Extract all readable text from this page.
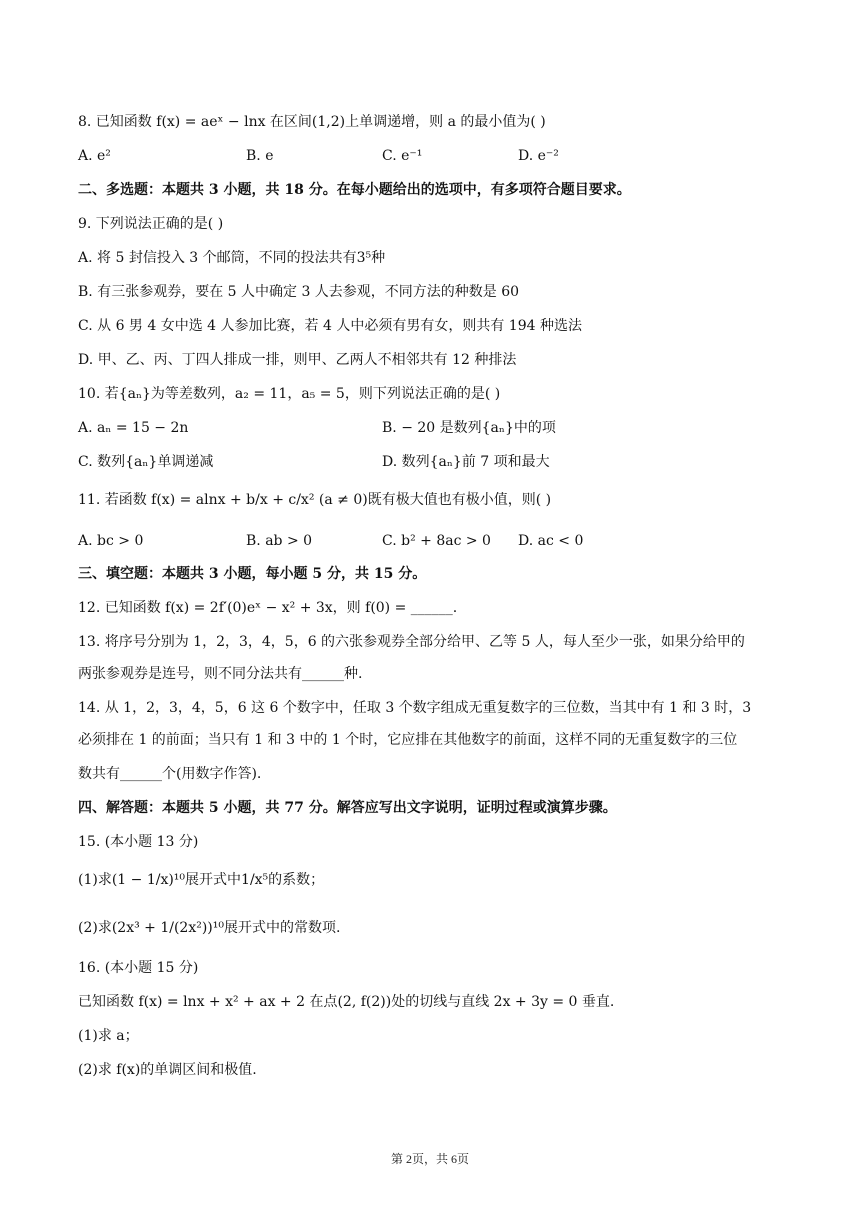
8. 已知函数 f(x) = aeˣ − lnx 在区间(1,2)上单调递增，则 a 的最小值为( )
A. e²	B. e	C. e⁻¹	D. e⁻²
二、多选题：本题共 3 小题，共 18 分。在每小题给出的选项中，有多项符合题目要求。
9. 下列说法正确的是( )
A. 将 5 封信投入 3 个邮筒，不同的投法共有3⁵种
B. 有三张参观券，要在 5 人中确定 3 人去参观，不同方法的种数是 60
C. 从 6 男 4 女中选 4 人参加比赛，若 4 人中必须有男有女，则共有 194 种选法
D. 甲、乙、丙、丁四人排成一排，则甲、乙两人不相邻共有 12 种排法
10. 若{aₙ}为等差数列，a₂ = 11，a₅ = 5，则下列说法正确的是( )
A. aₙ = 15 − 2n	B. − 20 是数列{aₙ}中的项
C. 数列{aₙ}单调递减	D. 数列{aₙ}前 7 项和最大
11. 若函数 f(x) = alnx + b/x + c/x² (a ≠ 0)既有极大值也有极小值，则( )
A. bc > 0	B. ab > 0	C. b² + 8ac > 0 D. ac < 0
三、填空题：本题共 3 小题，每小题 5 分，共 15 分。
12. 已知函数 f(x) = 2f′(0)eˣ − x² + 3x，则 f(0) = ______.
13. 将序号分别为 1，2，3，4，5，6 的六张参观券全部分给甲、乙等 5 人，每人至少一张，如果分给甲的
两张参观券是连号，则不同分法共有______种.
14. 从 1，2，3，4，5，6 这 6 个数字中，任取 3 个数字组成无重复数字的三位数，当其中有 1 和 3 时，3
必须排在 1 的前面；当只有 1 和 3 中的 1 个时，它应排在其他数字的前面，这样不同的无重复数字的三位
数共有______个(用数字作答).
四、解答题：本题共 5 小题，共 77 分。解答应写出文字说明，证明过程或演算步骤。
15. (本小题 13 分)
(1)求(1 − 1/x)¹⁰展开式中1/x⁵的系数；
(2)求(2x³ + 1/(2x²))¹⁰展开式中的常数项.
16. (本小题 15 分)
已知函数 f(x) = lnx + x² + ax + 2 在点(2, f(2))处的切线与直线 2x + 3y = 0 垂直.
(1)求 a；
(2)求 f(x)的单调区间和极值.
第 2页，共 6页
